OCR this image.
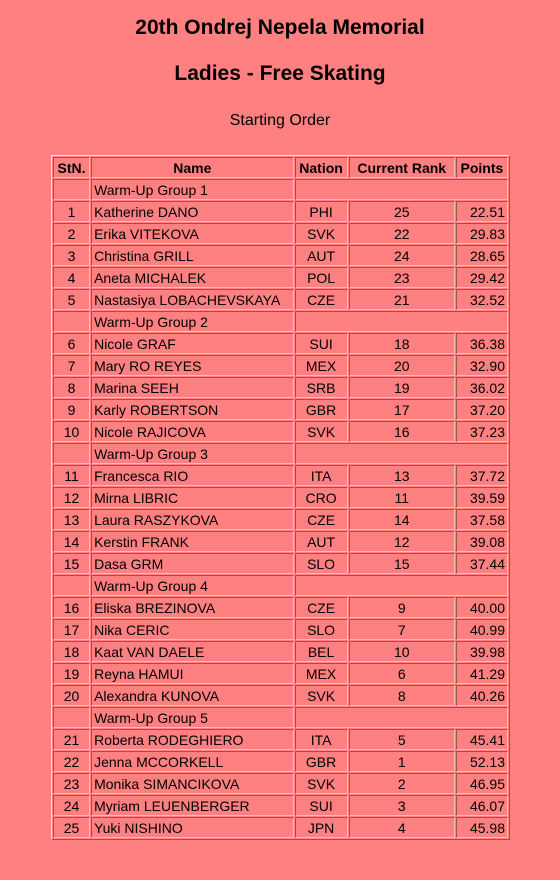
20th Ondrej Nepela Memorial
Ladies - Free Skating
Starting Order
StN.	Name	Nation	Current Rank	Points
	Warm-Up Group 1			
1	Katherine DANO	PHI	25	22.51
2	Erika VITEKOVA	SVK	22	29.83
3	Christina GRILL	AUT	24	28.65
4	Aneta MICHALEK	POL	23	29.42
5	Nastasiya LOBACHEVSKAYA	CZE	21	32.52
	Warm-Up Group 2			
6	Nicole GRAF	SUI	18	36.38
7	Mary RO REYES	MEX	20	32.90
8	Marina SEEH	SRB	19	36.02
9	Karly ROBERTSON	GBR	17	37.20
10	Nicole RAJICOVA	SVK	16	37.23
	Warm-Up Group 3			
11	Francesca RIO	ITA	13	37.72
12	Mirna LIBRIC	CRO	11	39.59
13	Laura RASZYKOVA	CZE	14	37.58
14	Kerstin FRANK	AUT	12	39.08
15	Dasa GRM	SLO	15	37.44
	Warm-Up Group 4			
16	Eliska BREZINOVA	CZE	9	40.00
17	Nika CERIC	SLO	7	40.99
18	Kaat VAN DAELE	BEL	10	39.98
19	Reyna HAMUI	MEX	6	41.29
20	Alexandra KUNOVA	SVK	8	40.26
	Warm-Up Group 5			
21	Roberta RODEGHIERO	ITA	5	45.41
22	Jenna MCCORKELL	GBR	1	52.13
23	Monika SIMANCIKOVA	SVK	2	46.95
24	Myriam LEUENBERGER	SUI	3	46.07
25	Yuki NISHINO	JPN	4	45.98
